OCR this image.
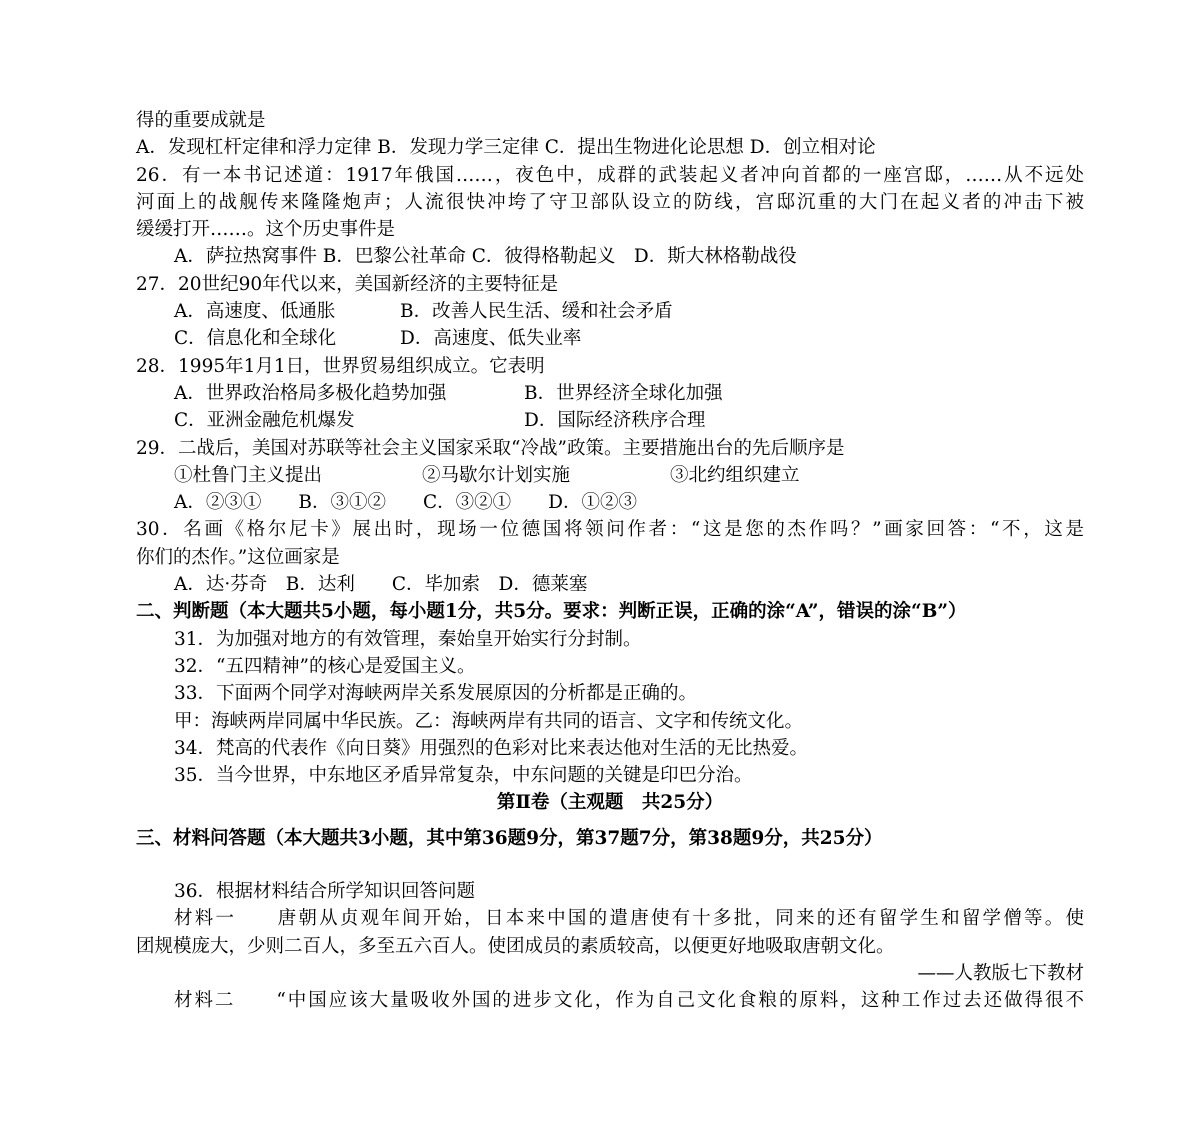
得的重要成就是
A．发现杠杆定律和浮力定律 B．发现力学三定律 C．提出生物进化论思想 D．创立相对论
26．有一本书记述道：1917年俄国……，夜色中，成群的武装起义者冲向首都的一座宫邸，……从不远处
河面上的战舰传来隆隆炮声；人流很快冲垮了守卫部队设立的防线，宫邸沉重的大门在起义者的冲击下被
缓缓打开……。这个历史事件是
A．萨拉热窝事件 B．巴黎公社革命 C．彼得格勒起义　D．斯大林格勒战役
27．20世纪90年代以来，美国新经济的主要特征是
A．高速度、低通胀	B．改善人民生活、缓和社会矛盾
C．信息化和全球化	D．高速度、低失业率
28．1995年1月1日，世界贸易组织成立。它表明
A．世界政治格局多极化趋势加强	B．世界经济全球化加强
C．亚洲金融危机爆发	D．国际经济秩序合理
29．二战后，美国对苏联等社会主义国家采取“冷战”政策。主要措施出台的先后顺序是
①杜鲁门主义提出	②马歇尔计划实施	③北约组织建立
A．②③①　　B．③①②　　C．③②①　　D．①②③
30．名画《格尔尼卡》展出时，现场一位德国将领问作者：“这是您的杰作吗？”画家回答：“不，这是
你们的杰作。”这位画家是
A．达·芬奇　B．达利　　C．毕加索　D．德莱塞
二、判断题（本大题共5小题，每小题1分，共5分。要求：判断正误，正确的涂“A”，错误的涂“B”）
31．为加强对地方的有效管理，秦始皇开始实行分封制。
32．“五四精神”的核心是爱国主义。
33．下面两个同学对海峡两岸关系发展原因的分析都是正确的。
甲：海峡两岸同属中华民族。乙：海峡两岸有共同的语言、文字和传统文化。
34．梵高的代表作《向日葵》用强烈的色彩对比来表达他对生活的无比热爱。
35．当今世界，中东地区矛盾异常复杂，中东问题的关键是印巴分治。
第Ⅱ卷（主观题　共25分）
三、材料问答题（本大题共3小题，其中第36题9分，第37题7分，第38题9分，共25分）
36．根据材料结合所学知识回答问题
材料一　　唐朝从贞观年间开始，日本来中国的遣唐使有十多批，同来的还有留学生和留学僧等。使
团规模庞大，少则二百人，多至五六百人。使团成员的素质较高，以便更好地吸取唐朝文化。
——人教版七下教材
材料二　　“中国应该大量吸收外国的进步文化，作为自己文化食粮的原料，这种工作过去还做得很不
